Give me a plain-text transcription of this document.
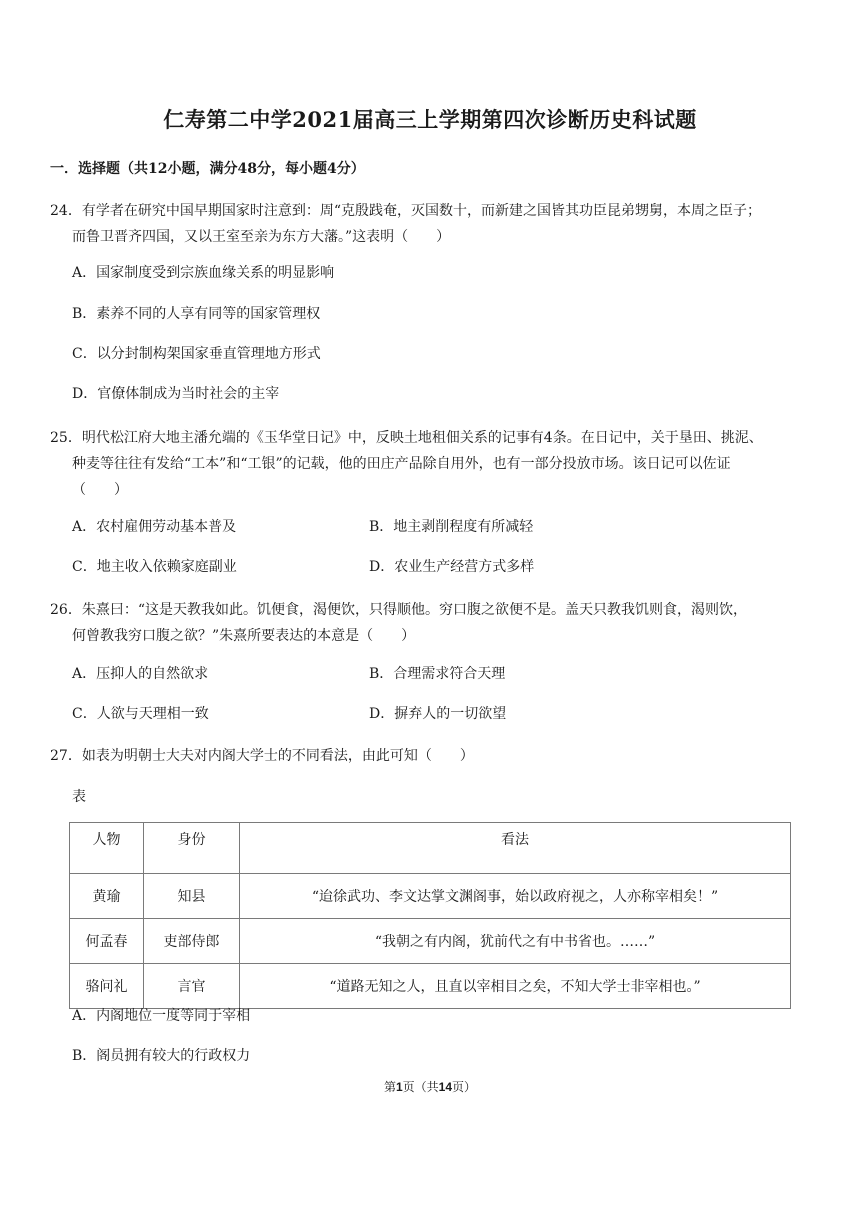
仁寿第二中学2021届高三上学期第四次诊断历史科试题
一．选择题（共12小题，满分48分，每小题4分）
24．有学者在研究中国早期国家时注意到：周“克殷践奄，灭国数十，而新建之国皆其功臣昆弟甥舅，本周之臣子；
而鲁卫晋齐四国，又以王室至亲为东方大藩。”这表明（　　）
A．国家制度受到宗族血缘关系的明显影响
B．素养不同的人享有同等的国家管理权
C．以分封制构架国家垂直管理地方形式
D．官僚体制成为当时社会的主宰
25．明代松江府大地主潘允端的《玉华堂日记》中，反映土地租佃关系的记事有4条。在日记中，关于垦田、挑泥、
种麦等往往有发给“工本”和“工银”的记载，他的田庄产品除自用外，也有一部分投放市场。该日记可以佐证
（　　）
A．农村雇佣劳动基本普及	B．地主剥削程度有所减轻
C．地主收入依赖家庭副业	D．农业生产经营方式多样
26．朱熹曰：“这是天教我如此。饥便食，渴便饮，只得顺他。穷口腹之欲便不是。盖天只教我饥则食，渴则饮，
何曾教我穷口腹之欲？”朱熹所要表达的本意是（　　）
A．压抑人的自然欲求	B．合理需求符合天理
C．人欲与天理相一致	D．摒弃人的一切欲望
27．如表为明朝士大夫对内阁大学士的不同看法，由此可知（　　）
表
人物	身份	看法
黄瑜	知县	“迨徐武功、李文达掌文渊阁事，始以政府视之，人亦称宰相矣！”
何孟春	吏部侍郎	“我朝之有内阁，犹前代之有中书省也。……”
骆问礼	言官	“道路无知之人，且直以宰相目之矣，不知大学士非宰相也。”
A．内阁地位一度等同于宰相
B．阁员拥有较大的行政权力
第1页（共14页）
